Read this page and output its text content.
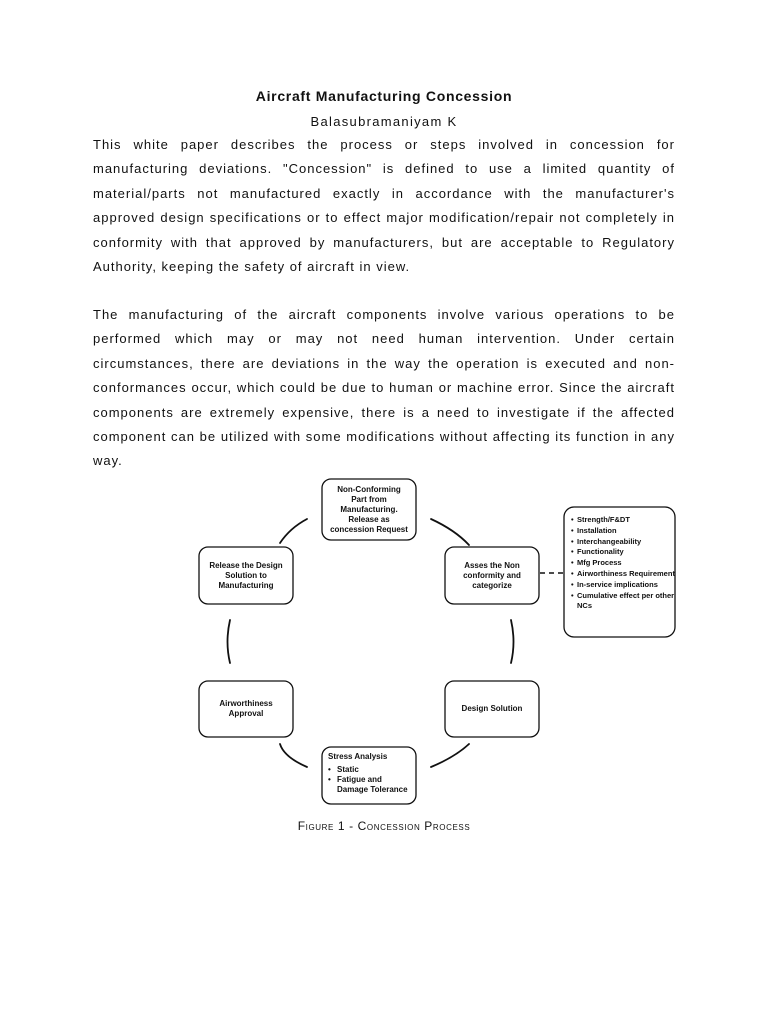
Aircraft Manufacturing Concession
Balasubramaniyam K

This white paper describes the process or steps involved in concession for manufacturing deviations. "Concession" is defined to use a limited quantity of material/parts not manufactured exactly in accordance with the manufacturer's approved design specifications or to effect major modification/repair not completely in conformity with that approved by manufacturers, but are acceptable to Regulatory Authority, keeping the safety of aircraft in view.

The manufacturing of the aircraft components involve various operations to be performed which may or may not need human intervention. Under certain circumstances, there are deviations in the way the operation is executed and non-conformances occur, which could be due to human or machine error. Since the aircraft components are extremely expensive, there is a need to investigate if the affected component can be utilized with some modifications without affecting its function in any way.

Non-Conforming
Part from
Manufacturing.
Release as
concession Request
Asses the Non
conformity and
categorize
Design Solution
Stress Analysis
• Static
• Fatigue and Damage Tolerance
Airworthiness
Approval
Release the Design
Solution to
Manufacturing
• Strength/F&DT
• Installation
• Interchangeability
• Functionality
• Mfg Process
• Airworthiness Requirement
• In-service implications
• Cumulative effect per other NCs
Figure 1 - Concession Process
